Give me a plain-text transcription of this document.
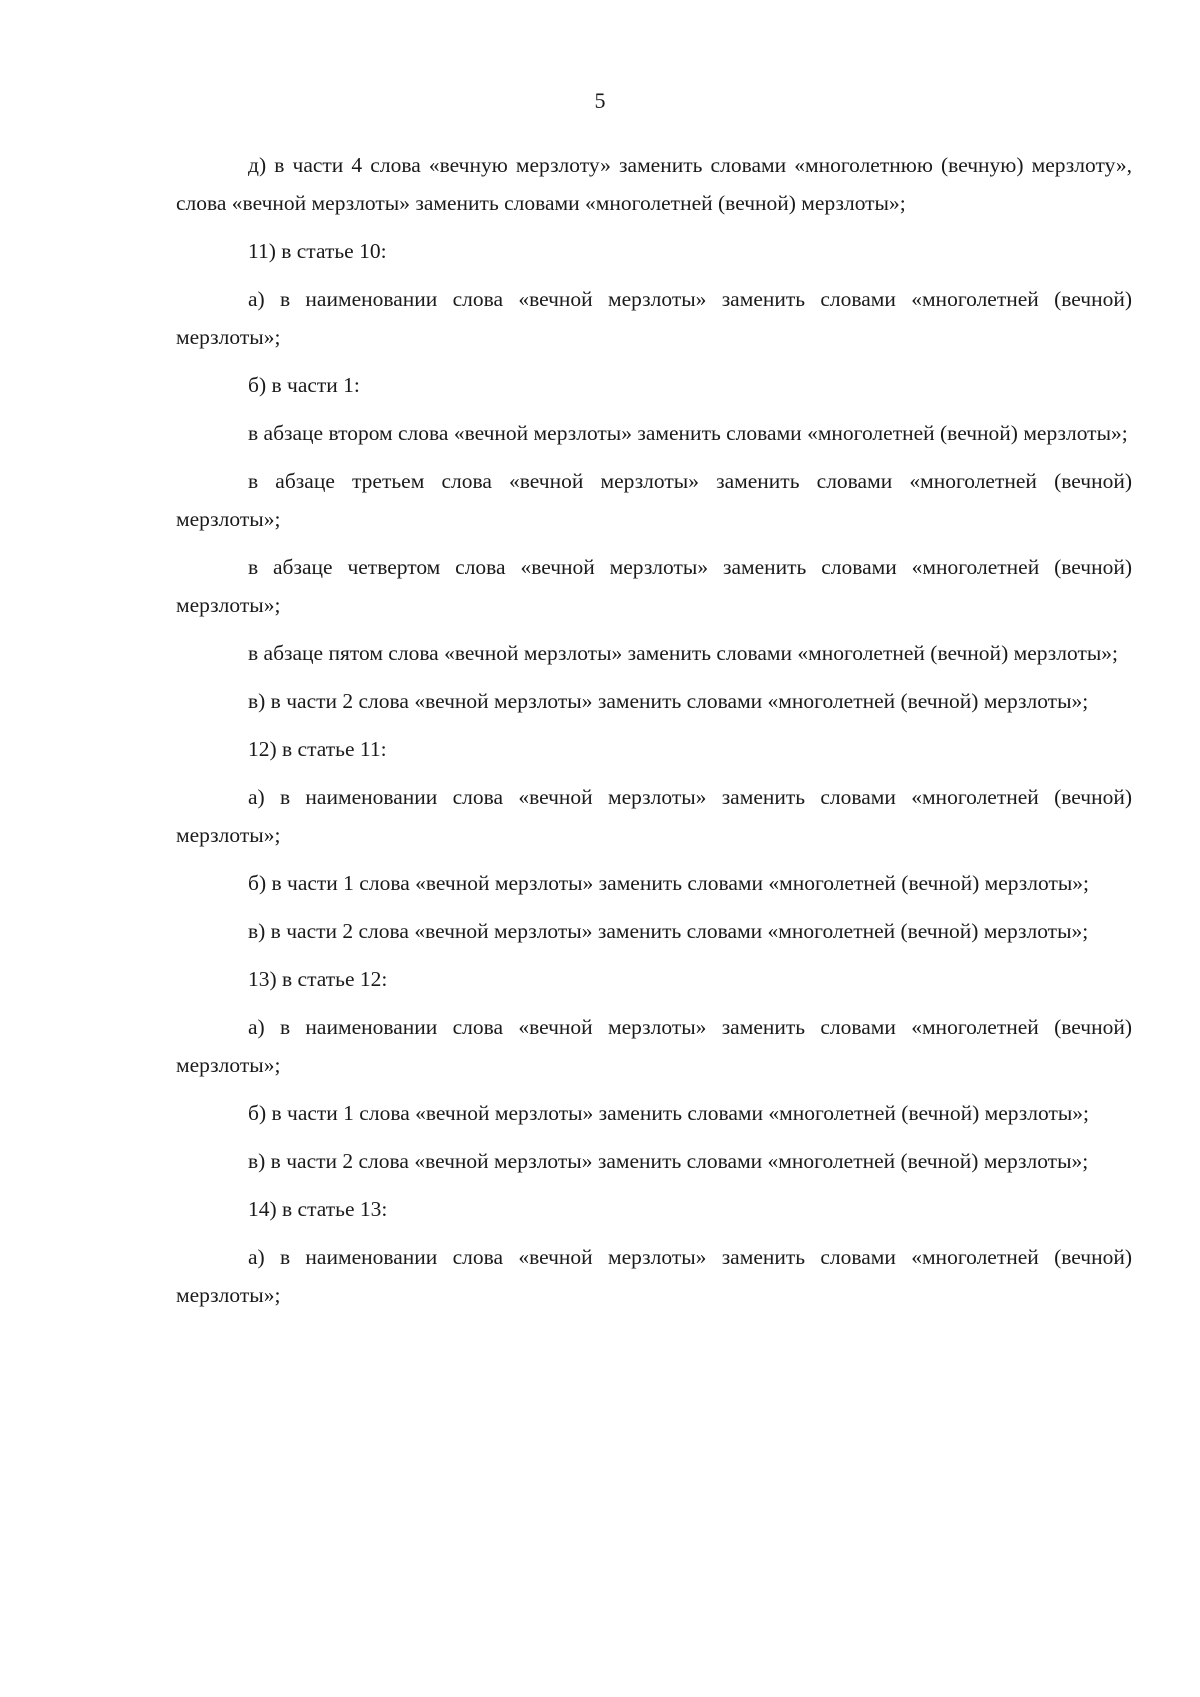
5

д) в части 4 слова «вечную мерзлоту» заменить словами «многолетнюю (вечную) мерзлоту», слова «вечной мерзлоты» заменить словами «многолетней (вечной) мерзлоты»;

11) в статье 10:

а) в наименовании слова «вечной мерзлоты» заменить словами «многолетней (вечной) мерзлоты»;

б) в части 1:

в абзаце втором слова «вечной мерзлоты» заменить словами «многолетней (вечной) мерзлоты»;

в абзаце третьем слова «вечной мерзлоты» заменить словами «многолетней (вечной) мерзлоты»;

в абзаце четвертом слова «вечной мерзлоты» заменить словами «многолетней (вечной) мерзлоты»;

в абзаце пятом слова «вечной мерзлоты» заменить словами «многолетней (вечной) мерзлоты»;

в) в части 2 слова «вечной мерзлоты» заменить словами «многолетней (вечной) мерзлоты»;

12) в статье 11:

а) в наименовании слова «вечной мерзлоты» заменить словами «многолетней (вечной) мерзлоты»;

б) в части 1 слова «вечной мерзлоты» заменить словами «многолетней (вечной) мерзлоты»;

в) в части 2 слова «вечной мерзлоты» заменить словами «многолетней (вечной) мерзлоты»;

13) в статье 12:

а) в наименовании слова «вечной мерзлоты» заменить словами «многолетней (вечной) мерзлоты»;

б) в части 1 слова «вечной мерзлоты» заменить словами «многолетней (вечной) мерзлоты»;

в) в части 2 слова «вечной мерзлоты» заменить словами «многолетней (вечной) мерзлоты»;

14) в статье 13:

а) в наименовании слова «вечной мерзлоты» заменить словами «многолетней (вечной) мерзлоты»;
